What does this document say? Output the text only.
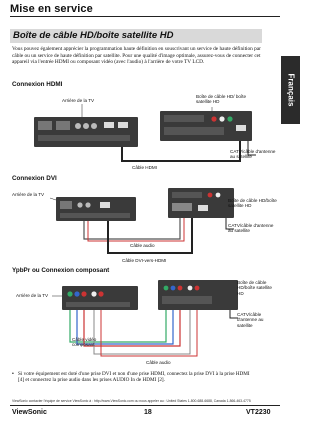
Mise en service
Français
Boîte de câble HD/boîte satellite HD
Vous pouvez également apprécier la programmation haute définition en souscrivant un service de haute définition par câble ou un service de haute définition par satellite. Pour une qualité d'image optimale, assurez-vous de connecter cet appareil via l'entrée HDMI ou composant vidéo (avec l'audio) à l'arrière de votre TV LCD.
Connexion HDMI
Arrière de la TV
Boîte de câble HD/ boîte satellite HD
Câble HDMI
CATV/câble d'antenne au satellite
Connexion DVI
Arrière de la TV
Boîte de câble HD/boîte satellite HD
CATV/câble d'antenne au satellite
Câble audio
Câble DVI-vers-HDMI
YpbPr ou Connexion composant
Arrière de la TV
Boîte de câble HD/boîte satellite HD
CATV/câble d'antenne au satellite
Câble vidéo composant
Câble audio
• Si votre équipement est doté d'une prise DVI et non d'une prise HDMI, connectez la prise DVI à la prise HDMI [4] et connectez la prise audio dans les prises AUDIO In de HDMI [2].
ViewSonic contacter l'équipe de service ViewSonic à : http://www.ViewSonic.com ou nous appeler au : United States 1-800-688-6688, Canada 1-866-463-4775
ViewSonic	18	VT2230
